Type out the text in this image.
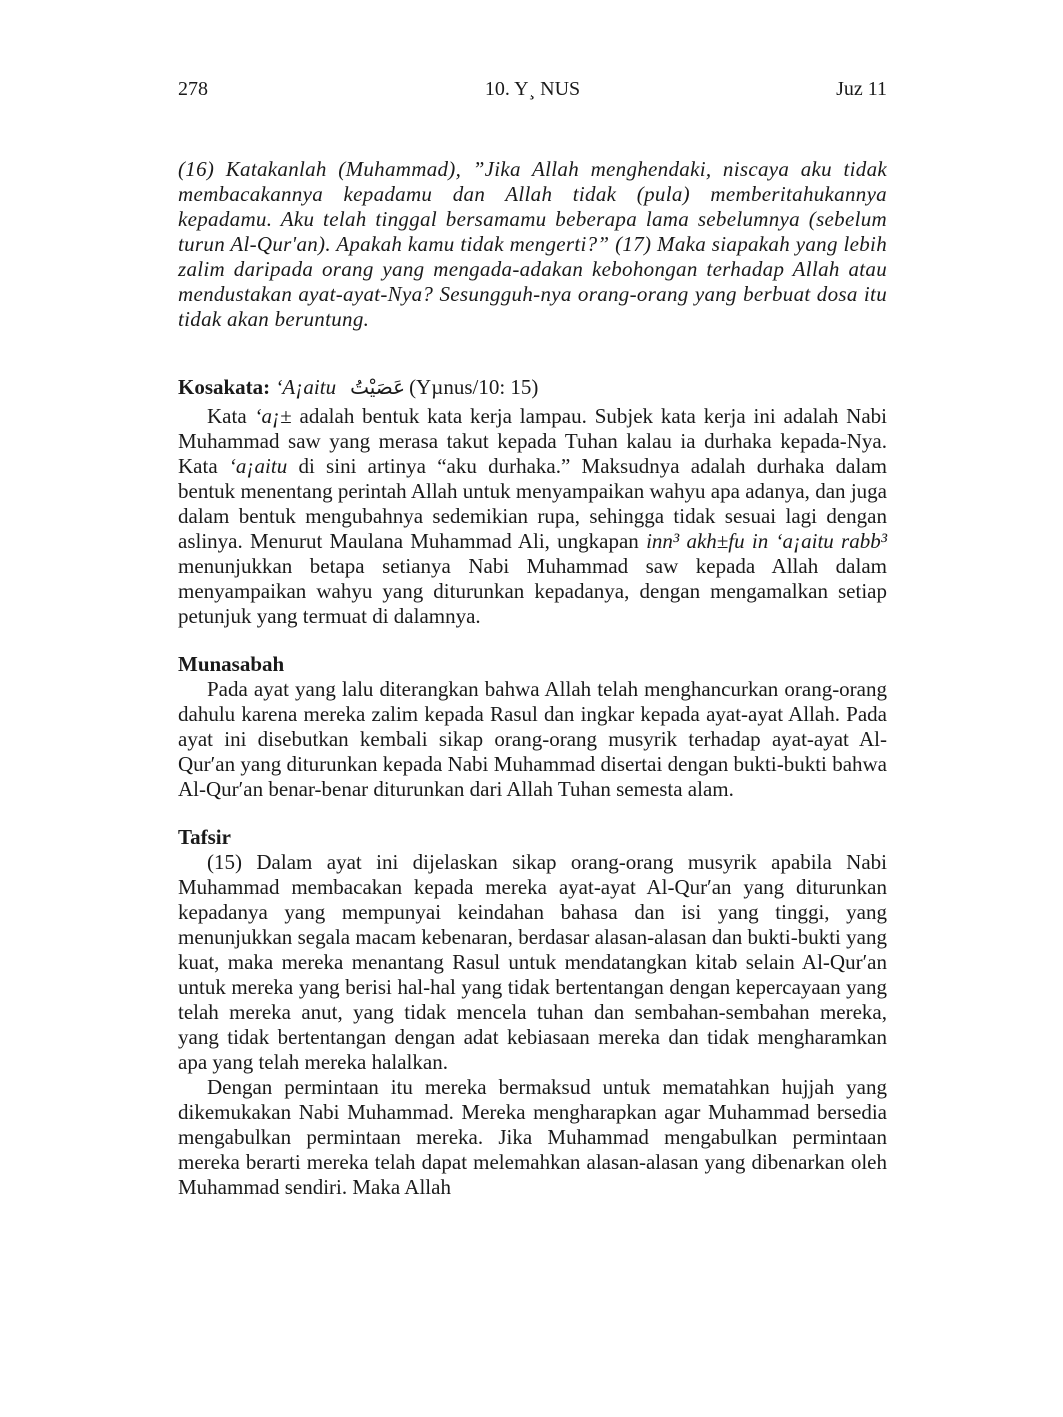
278	10. Y¸ NUS	Juz 11

(16) Katakanlah (Muhammad), ”Jika Allah menghendaki, niscaya aku tidak membacakannya kepadamu dan Allah tidak (pula) memberitahukannya kepadamu. Aku telah tinggal bersamamu beberapa lama sebelumnya (sebelum turun Al-Qur'an). Apakah kamu tidak mengerti?” (17) Maka siapakah yang lebih zalim daripada orang yang mengada-adakan kebohongan terhadap Allah atau mendustakan ayat-ayat-Nya? Sesungguh-nya orang-orang yang berbuat dosa itu tidak akan beruntung.

Kosakata: ‘A¡aitu عَصَيْتُ (Yµnus/10: 15)

Kata ‘a¡± adalah bentuk kata kerja lampau. Subjek kata kerja ini adalah Nabi Muhammad saw yang merasa takut kepada Tuhan kalau ia durhaka kepada-Nya. Kata ‘a¡aitu di sini artinya “aku durhaka.” Maksudnya adalah durhaka dalam bentuk menentang perintah Allah untuk menyampaikan wahyu apa adanya, dan juga dalam bentuk mengubahnya sedemikian rupa, sehingga tidak sesuai lagi dengan aslinya. Menurut Maulana Muhammad Ali, ungkapan inn³ akh±fu in ‘a¡aitu rabb³ menunjukkan betapa setianya Nabi Muhammad saw kepada Allah dalam menyampaikan wahyu yang diturunkan kepadanya, dengan mengamalkan setiap petunjuk yang termuat di dalamnya.

Munasabah

Pada ayat yang lalu diterangkan bahwa Allah telah menghancurkan orang-orang dahulu karena mereka zalim kepada Rasul dan ingkar kepada ayat-ayat Allah. Pada ayat ini disebutkan kembali sikap orang-orang musyrik terhadap ayat-ayat Al-Qur′an yang diturunkan kepada Nabi Muhammad disertai dengan bukti-bukti bahwa Al-Qur′an benar-benar diturunkan dari Allah Tuhan semesta alam.

Tafsir

(15) Dalam ayat ini dijelaskan sikap orang-orang musyrik apabila Nabi Muhammad membacakan kepada mereka ayat-ayat Al-Qur′an yang diturunkan kepadanya yang mempunyai keindahan bahasa dan isi yang tinggi, yang menunjukkan segala macam kebenaran, berdasar alasan-alasan dan bukti-bukti yang kuat, maka mereka menantang Rasul untuk mendatangkan kitab selain Al-Qur′an untuk mereka yang berisi hal-hal yang tidak bertentangan dengan kepercayaan yang telah mereka anut, yang tidak mencela tuhan dan sembahan-sembahan mereka, yang tidak bertentangan dengan adat kebiasaan mereka dan tidak mengharamkan apa yang telah mereka halalkan.

Dengan permintaan itu mereka bermaksud untuk mematahkan hujjah yang dikemukakan Nabi Muhammad. Mereka mengharapkan agar Muhammad bersedia mengabulkan permintaan mereka. Jika Muhammad mengabulkan permintaan mereka berarti mereka telah dapat melemahkan alasan-alasan yang dibenarkan oleh Muhammad sendiri. Maka Allah
